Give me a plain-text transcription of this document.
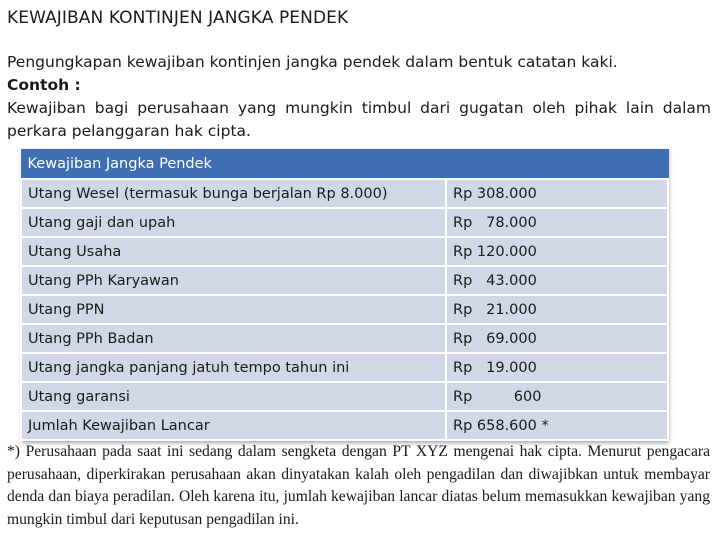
KEWAJIBAN KONTINJEN JANGKA PENDEK
Pengungkapan kewajiban kontinjen jangka pendek dalam bentuk catatan kaki.
Contoh :
Kewajiban bagi perusahaan yang mungkin timbul dari gugatan oleh pihak lain dalam perkara pelanggaran hak cipta.
Kewajiban Jangka Pendek	
Utang Wesel (termasuk bunga berjalan Rp 8.000)	Rp 308.000
Utang gaji dan upah	Rp   78.000
Utang Usaha	Rp 120.000
Utang PPh Karyawan	Rp   43.000
Utang PPN	Rp   21.000
Utang PPh Badan	Rp   69.000
Utang jangka panjang jatuh tempo tahun ini	Rp   19.000
Utang garansi	Rp         600
Jumlah Kewajiban Lancar	Rp 658.600 *
*) Perusahaan pada saat ini sedang dalam sengketa dengan PT XYZ mengenai hak cipta. Menurut pengacara perusahaan, diperkirakan perusahaan akan dinyatakan kalah oleh pengadilan dan diwajibkan untuk membayar denda dan biaya peradilan. Oleh karena itu, jumlah kewajiban lancar diatas belum memasukkan kewajiban yang mungkin timbul dari keputusan pengadilan ini.
